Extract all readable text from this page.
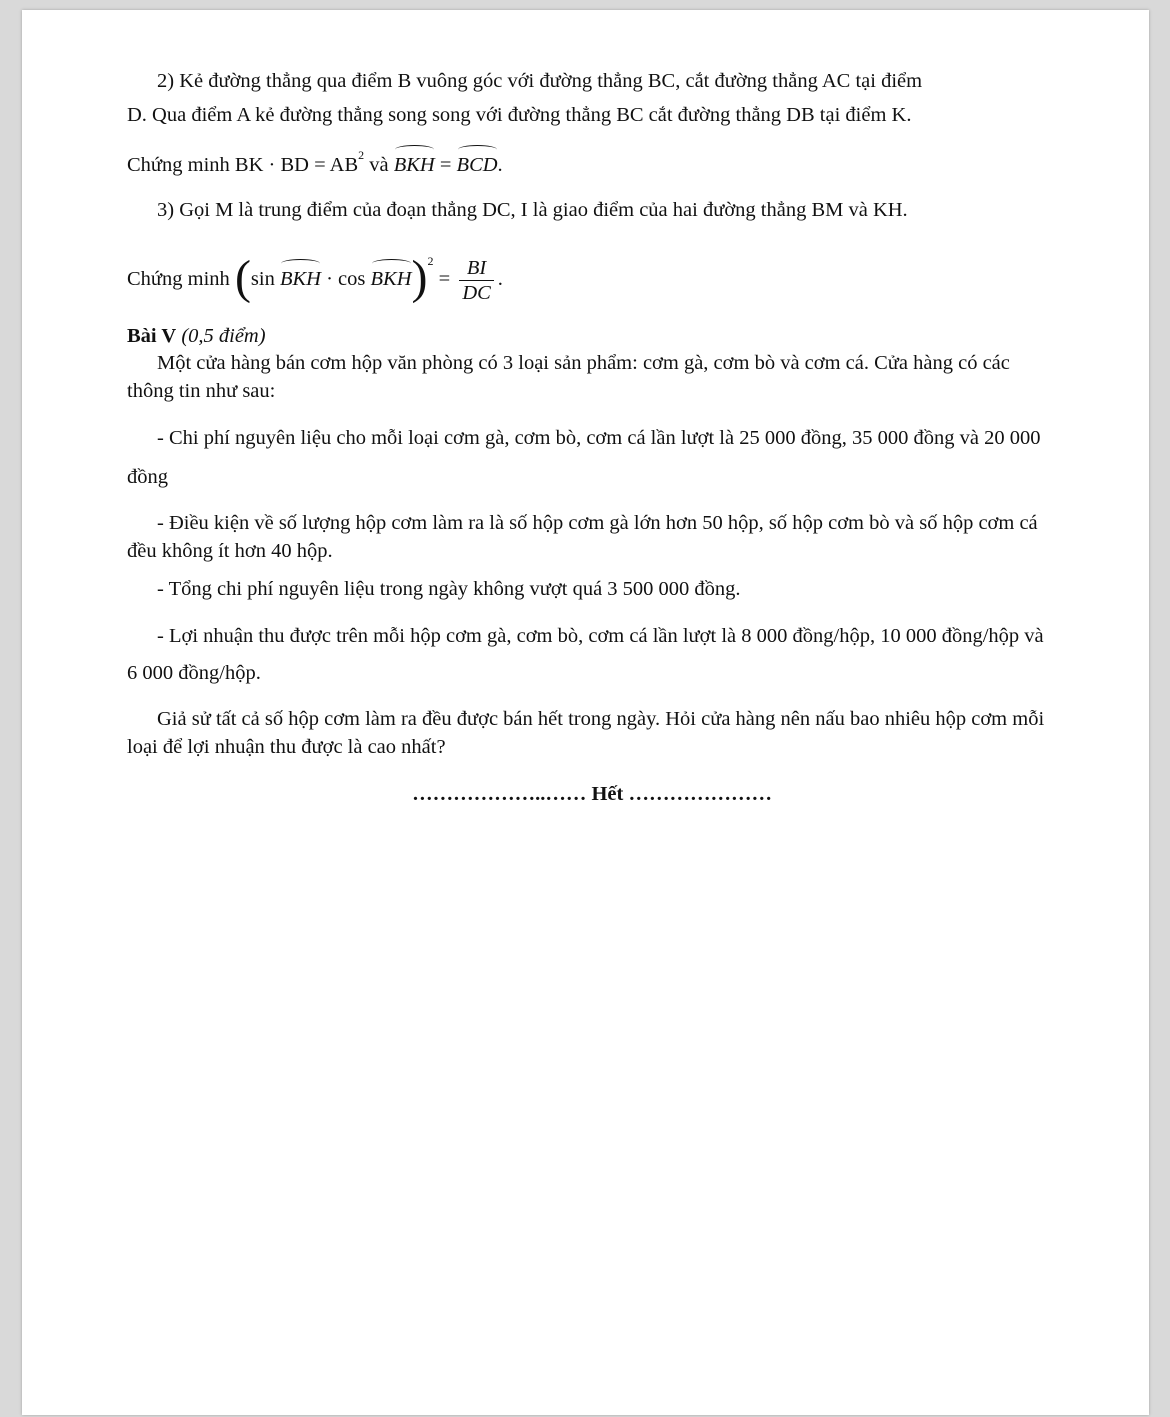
2) Kẻ đường thẳng qua điểm B vuông góc với đường thẳng BC, cắt đường thẳng AC tại điểm

D. Qua điểm A kẻ đường thẳng song song với đường thẳng BC cắt đường thẳng DB tại điểm K.

Chứng minh BK · BD = $AB^2$ và BKH = BCD.

3) Gọi M là trung điểm của đoạn thẳng DC, I là giao điểm của hai đường thẳng BM và KH.

Chứng minh (sin BKH · $\cos BKH)^2 = \frac{BI}{DC}$ .

Bài V (0,5 điểm)

Một cửa hàng bán cơm hộp văn phòng có 3 loại sản phẩm: cơm gà, cơm bò và cơm cá. Cửa hàng có các thông tin như sau:

- Chi phí nguyên liệu cho mỗi loại cơm gà, cơm bò, cơm cá lần lượt là 25 000 đồng, 35 000 đồng và 20 000 đồng

- Điều kiện về số lượng hộp cơm làm ra là số hộp cơm gà lớn hơn 50 hộp, số hộp cơm bò và số hộp cơm cá đều không ít hơn 40 hộp.

- Tổng chi phí nguyên liệu trong ngày không vượt quá 3 500 000 đồng.

- Lợi nhuận thu được trên mỗi hộp cơm gà, cơm bò, cơm cá lần lượt là 8 000 đồng/hộp, 10 000 đồng/hộp và 6 000 đồng/hộp.

Giả sử tất cả số hộp cơm làm ra đều được bán hết trong ngày. Hỏi cửa hàng nên nấu bao nhiêu hộp cơm mỗi loại để lợi nhuận thu được là cao nhất?

………………..…… Hết …………………
